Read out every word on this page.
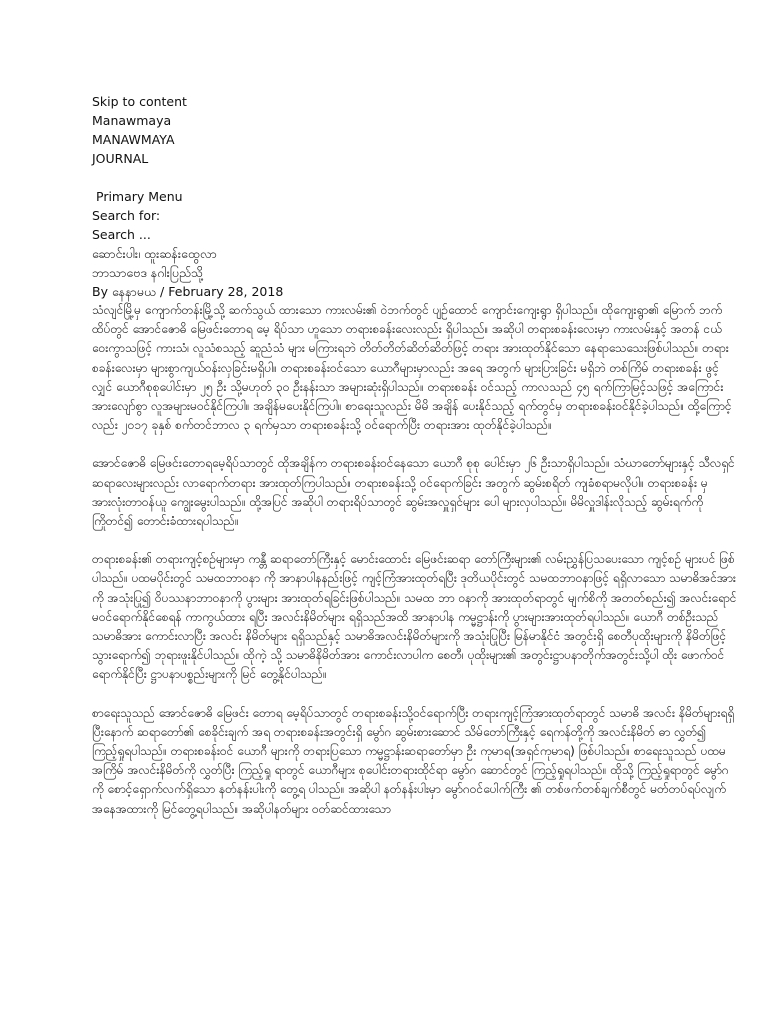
Skip to content
Manawmaya
MANAWMAYA
JOURNAL
Primary Menu
Search for:
Search ...
ဆောင်းပါး၊ ထူးဆန်းထွေလာ
ဘာသာဗေဒ နဂါးပြည်သို့
By နေနာမယ / February 28, 2018

သံလျင်မြို့မှ ကျောက်တန်းမြို့သို့ ဆက်သွယ် ထားသော ကားလမ်း၏ ဝဲဘက်တွင် ပျဉ်ထောင် ကျောင်းကျေးရွာ ရှိပါသည်။ ထိုကျေးရွာ၏ မြောက် ဘက်ထိပ်တွင် အောင်ဇောဓိ မြေဖင်းတောရ မေ့ ရိပ်သာ ဟူသော တရားစခန်းလေးလည်း ရှိပါသည်။ အဆိုပါ တရားစခန်းလေးမှာ ကားလမ်းနှင့် အတန် ငယ်ဝေးကွာသဖြင့် ကားသံ၊ လူသံစသည့် ဆူညံသံ များ မကြားရဘဲ တိတ်တိတ်ဆိတ်ဆိတ်ဖြင့် တရား အားထုတ်နိုင်သော နေရာသေသေးဖြစ်ပါသည်။ တရားစခန်းလေးမှာ များစွာကျယ်ဝန်းလှခြင်းမရှိပါ။ တရားစခန်းဝင်သော ယောဂီများမှာလည်း အရေ အတွက် များပြားခြင်း မရှိဘဲ တစ်ကြိမ် တရားစခန်း ဖွင့်လျှင် ယောဂီစုစုပေါင်းမှာ ၂၅ ဦး သို့မဟုတ် ၃၀ ဦးနန်းသာ အများဆုံးရှိပါသည်။ တရားစခန်း ဝင်သည့် ကာလသည် ၄၅ ရက်ကြာမြင့်သဖြင့် အကြောင်းအားလျော်စွာ လူအများမဝင်နိုင်ကြပါ။ အချိန်မပေးနိုင်ကြပါ။ စာရေးသူလည်း မိမိ အချိန် ပေးနိုင်သည့် ရက်တွင်မှ တရားစခန်းဝင်နိုင်ခဲ့ပါသည်။ ထို့ကြောင့်လည်း ၂၀၁၇ ခုနှစ် စက်တင်ဘာလ ၃ ရက်မှသာ တရားစခန်းသို့ ဝင်ရောက်ပြီး တရားအား ထုတ်နိုင်ခဲ့ပါသည်။

အောင်ဇောဓိ မြေဖင်းတောရမေ့ရိပ်သာတွင် ထိုအချိန်က တရားစခန်းဝင်နေသော ယောဂီ စုစု ပေါင်းမှာ ၂၆ ဦးသာရှိပါသည်။ သံဃာတော်များနှင့် သီလရှင် ဆရာလေးများလည်း လာရောက်တရား အားထုတ်ကြပါသည်။ တရားစခန်းသို့ ဝင်ရောက်ခြင်း အတွက် ဆွမ်းစရိတ် ကျခံစရာမလိုပါ။ တရားစခန်း မှ အားလုံးတာဝန်ယူ ကျွေးမွေးပါသည်။ ထို့အပြင် အဆိုပါ တရားရိပ်သာတွင် ဆွမ်းအလှူရှင်များ ပေါ များလှပါသည်။ မိမိလှူဒါန်းလိုသည့် ဆွမ်းရက်ကို ကြိုတင်၍ တောင်းခံထားရပါသည်။

တရားစခန်း၏ တရားကျင့်စဉ်များမှာ ကန္တီ ဆရာတော်ကြီးနှင့် မောင်းထောင်း မြေဖင်းဆရာ တော်ကြီးများ၏ လမ်းညွှန်ပြသပေးသော ကျင့်စဉ် များပင် ဖြစ်ပါသည်။ ပထမပိုင်းတွင် သမထဘာဝနာ ကို အာနာပါနနည်းဖြင့် ကျင့်ကြံအားထုတ်ရပြီး ဒုတိယပိုင်းတွင် သမထဘာဝနာဖြင့် ရရှိလာသော သမာဓိအင်အားကို အသုံးပြု၍ ဝိပဿနာဘာဝနာကို ပွားများ အားထုတ်ရခြင်းဖြစ်ပါသည်။ သမထ ဘာ ဝနာကို အားထုတ်ရာတွင် မျက်စိကို အတတ်စည်း၍ အလင်းရောင် မဝင်ရောက်နိုင်စေရန် ကာကွယ်ထား ရပြီး အလင်းနိမိတ်များ ရရှိသည်အထိ အာနာပါန ကမ္မဋ္ဌာန်းကို ပွားများအားထုတ်ရပါသည်။ ယောဂီ တစ်ဦးသည် သမာဓိအား ကောင်းလာပြီး အလင်း နိမိတ်များ ရရှိသည်နှင့် သမာဓိအလင်းနိမိတ်များကို အသုံးပြုပြီး မြန်မာနိုင်ငံ အတွင်းရှိ စေတီပုထိုးများကို နိမိတ်ဖြင့် သွားရောက်၍ ဘုရားဖူးနိုင်ပါသည်။ ထိုကဲ့ သို့ သမာဓိနိမိတ်အား ကောင်းလာပါက စေတီ၊ ပုထိုးများ၏ အတွင်းဋ္ဌာပနာတိုက်အတွင်းသို့ပါ ထိုး ဖောက်ဝင်ရောက်နိုင်ပြီး ဋ္ဌာပနာပစ္စည်းများကို မြင် တွေ့နိုင်ပါသည်။

စာရေးသူသည် အောင်ဇောဓိ မြေဖင်း တောရ မေ့ရိပ်သာတွင် တရားစခန်းသို့ဝင်ရောက်ပြီး တရားကျင့်ကြံအားထုတ်ရာတွင် သမာဓိ အလင်း နိမိတ်များရရှိပြီးနောက် ဆရာတော်၏ စေခိုင်းချက် အရ တရားစခန်းအတွင်းရှိ မွော်ဂ ဆွမ်းစားဆောင် သိမ်တော်ကြီးနှင့် ရေကန်တို့ကို အလင်းနိမိတ် ဓာ လွှတ်၍ ကြည့်ရှုရပါသည်။ တရားစခန်းဝင် ယောဂီ များကို တရားပြသော ကမ္မဋ္ဌာန်းဆရာတော်မှာ ဦး ကုမာရ(အရှင်ကုမာရ) ဖြစ်ပါသည်။ စာရေးသူသည် ပထမအကြိမ် အလင်းနိမိတ်ကို လွှတ်ပြီး ကြည့်ရှု ရာတွင် ယောဂီများ စုပေါင်းတရားထိုင်ရာ မွော်ဂ ဆောင်တွင် ကြည့်ရှုရပါသည်။ ထိုသို့ ကြည့်ရှုရာတွင် မွော်ဂ ကို စောင့်ရှောက်လက်ရှိသော နတ်နန်းပါးကို တွေ့ရ ပါသည်။ အဆိုပါ နတ်နန်းပါးမှာ မွော်ဂဝင်ပေါက်ကြီး ၏ တစ်ဖက်တစ်ချက်စီတွင် မတ်တပ်ရပ်လျက် အနေအထားကို မြင်တွေ့ရပါသည်။ အဆိုပါနတ်များ ဝတ်ဆင်ထားသော
